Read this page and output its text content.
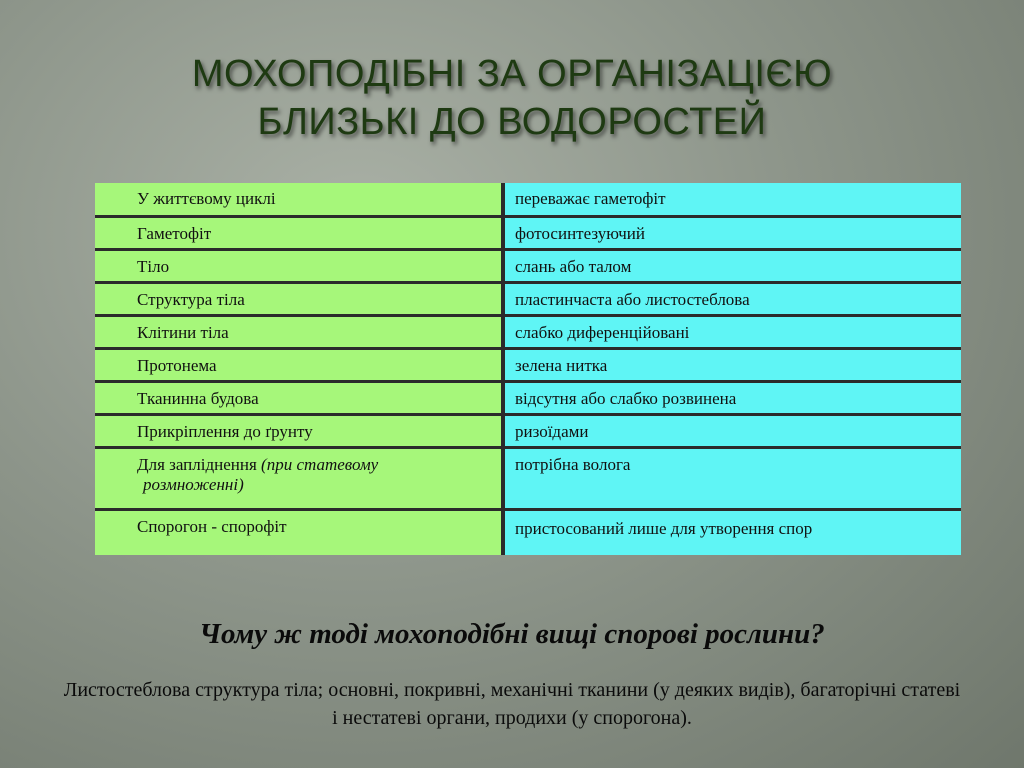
МОХОПОДІБНІ ЗА ОРГАНІЗАЦІЄЮ
БЛИЗЬКІ ДО ВОДОРОСТЕЙ
У життєвому циклі	переважає гаметофіт
Гаметофіт	фотосинтезуючий
Тіло	слань або талом
Структура тіла	пластинчаста або листостеблова
Клітини тіла	слабко диференційовані
Протонема	зелена нитка
Тканинна будова	відсутня або слабко розвинена
Прикріплення до ґрунту	ризоїдами
Для запліднення (при статевому
розмноженні)	потрібна волога
Спорогон - спорофіт	пристосований лише для утворення спор

Чому ж тоді мохоподібні вищі спорові рослини?

Листостеблова структура тіла; основні, покривні, механічні тканини (у деяких видів), багаторічні статеві і нестатеві органи, продихи (у спорогона).
